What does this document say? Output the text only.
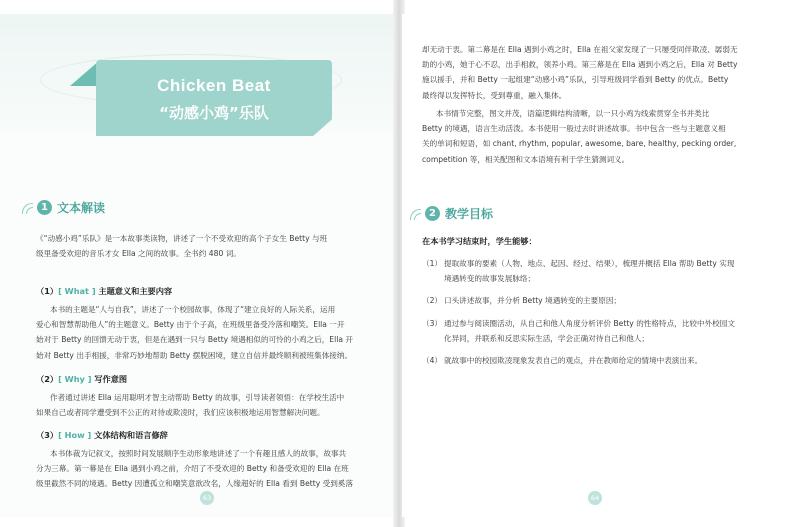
Chicken Beat
“动感小鸡”乐队
1 文本解读
《“动感小鸡”乐队》是一本故事类读物，讲述了一个不受欢迎的高个子女生 Betty 与班
级里备受欢迎的音乐才女 Ella 之间的故事。全书约 480 词。
（1）[ What ] 主题意义和主要内容
本书的主题是“人与自我”，讲述了一个校园故事，体现了“建立良好的人际关系，运用
爱心和智慧帮助他人”的主题意义。Betty 由于个子高，在班级里备受冷落和嘲笑。Ella 一开
始对于 Betty 的回馈无动于衷，但是在遇到一只与 Betty 境遇相似的可怜的小鸡之后，Ella 开
始对 Betty 出手相援，非常巧妙地帮助 Betty 摆脱困境，建立自信并最终顺利被班集体接纳。
（2）[ Why ] 写作意图
作者通过讲述 Ella 运用聪明才智主动帮助 Betty 的故事，引导读者领悟：在学校生活中
如果自己或者同学遭受到不公正的对待或欺凌时，我们应该积极地运用智慧解决问题。
（3）[ How ] 文体结构和语言修辞
本书体裁为记叙文，按照时间发展顺序生动形象地讲述了一个有趣且感人的故事，故事共
分为三幕。第一幕是在 Ella 遇到小鸡之前，介绍了不受欢迎的 Betty 和备受欢迎的 Ella 在班
级里截然不同的境遇。Betty 因遭孤立和嘲笑意欲改名，人缘超好的 Ella 看到 Betty 受到奚落
63
却无动于衷。第二幕是在 Ella 遇到小鸡之时，Ella 在祖父家发现了一只屡受同伴欺凌、孱弱无
助的小鸡，她于心不忍，出手相救，领养小鸡。第三幕是在 Ella 遇到小鸡之后，Ella 对 Betty
施以援手，并和 Betty 一起组建“动感小鸡”乐队，引导班级同学看到 Betty 的优点。Betty
最终得以发挥特长，受到尊重，融入集体。
本书情节完整，图文并茂，语篇逻辑结构清晰，以一只小鸡为线索贯穿全书并类比
Betty 的境遇，语言生动活泼。本书使用一般过去时讲述故事。书中包含一些与主题意义相
关的单词和短语，如 chant, rhythm, popular, awesome, bare, healthy, pecking order,
competition 等，相关配图和文本语境有利于学生猜测词义。
2 教学目标
在本书学习结束时，学生能够：
（1） 提取故事的要素（人物、地点、起因、经过、结果），梳理并概括 Ella 帮助 Betty 实现
境遇转变的故事发展脉络；
（2） 口头讲述故事，并分析 Betty 境遇转变的主要原因；
（3） 通过参与阅读圈活动，从自己和他人角度分析评价 Betty 的性格特点，比较中外校园文
化异同，并联系和反思实际生活，学会正确对待自己和他人；
（4） 就故事中的校园欺凌现象发表自己的观点，并在教师给定的情境中表演出来。
64
